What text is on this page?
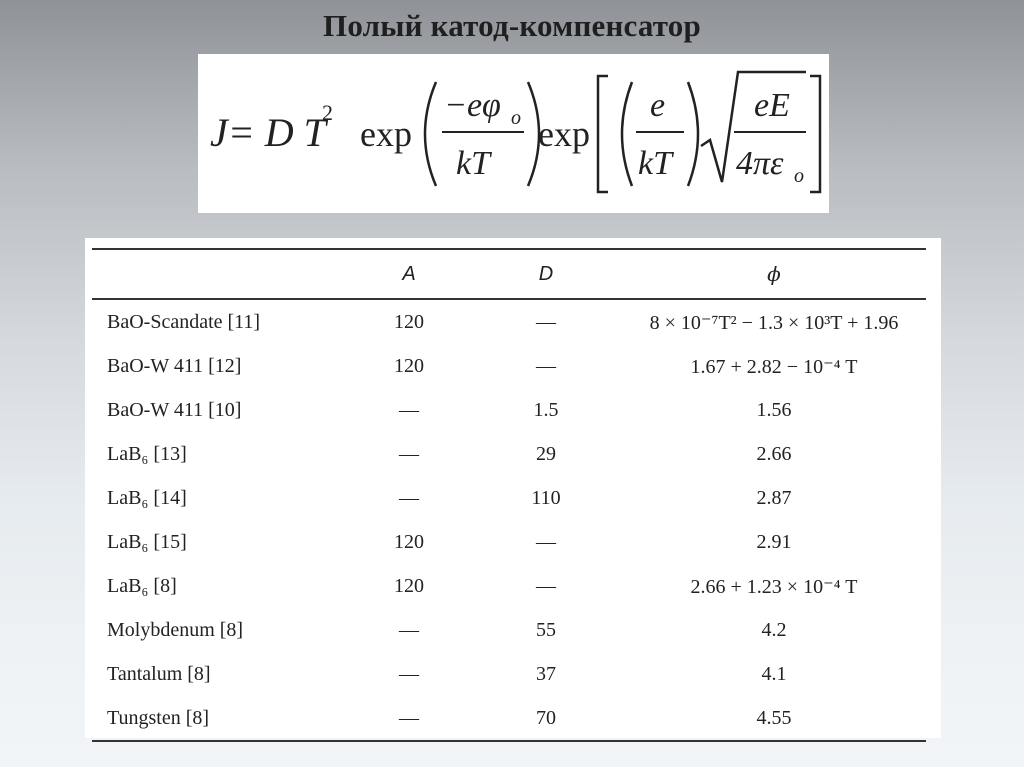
Полый катод-компенсатор
J= D T
2
exp
−eφ o
kT
exp
e
kT
eE
4πε o
	A	D	ϕ
BaO-Scandate [11]	120	—	8 × 10⁻⁷T² − 1.3 × 10³T + 1.96
BaO-W 411 [12]	120	—	1.67 + 2.82 − 10⁻⁴ T
BaO-W 411 [10]	—	1.5	1.56
LaB₆ [13]	—	29	2.66
LaB₆ [14]	—	110	2.87
LaB₆ [15]	120	—	2.91
LaB₆ [8]	120	—	2.66 + 1.23 × 10⁻⁴ T
Molybdenum [8]	—	55	4.2
Tantalum [8]	—	37	4.1
Tungsten [8]	—	70	4.55
